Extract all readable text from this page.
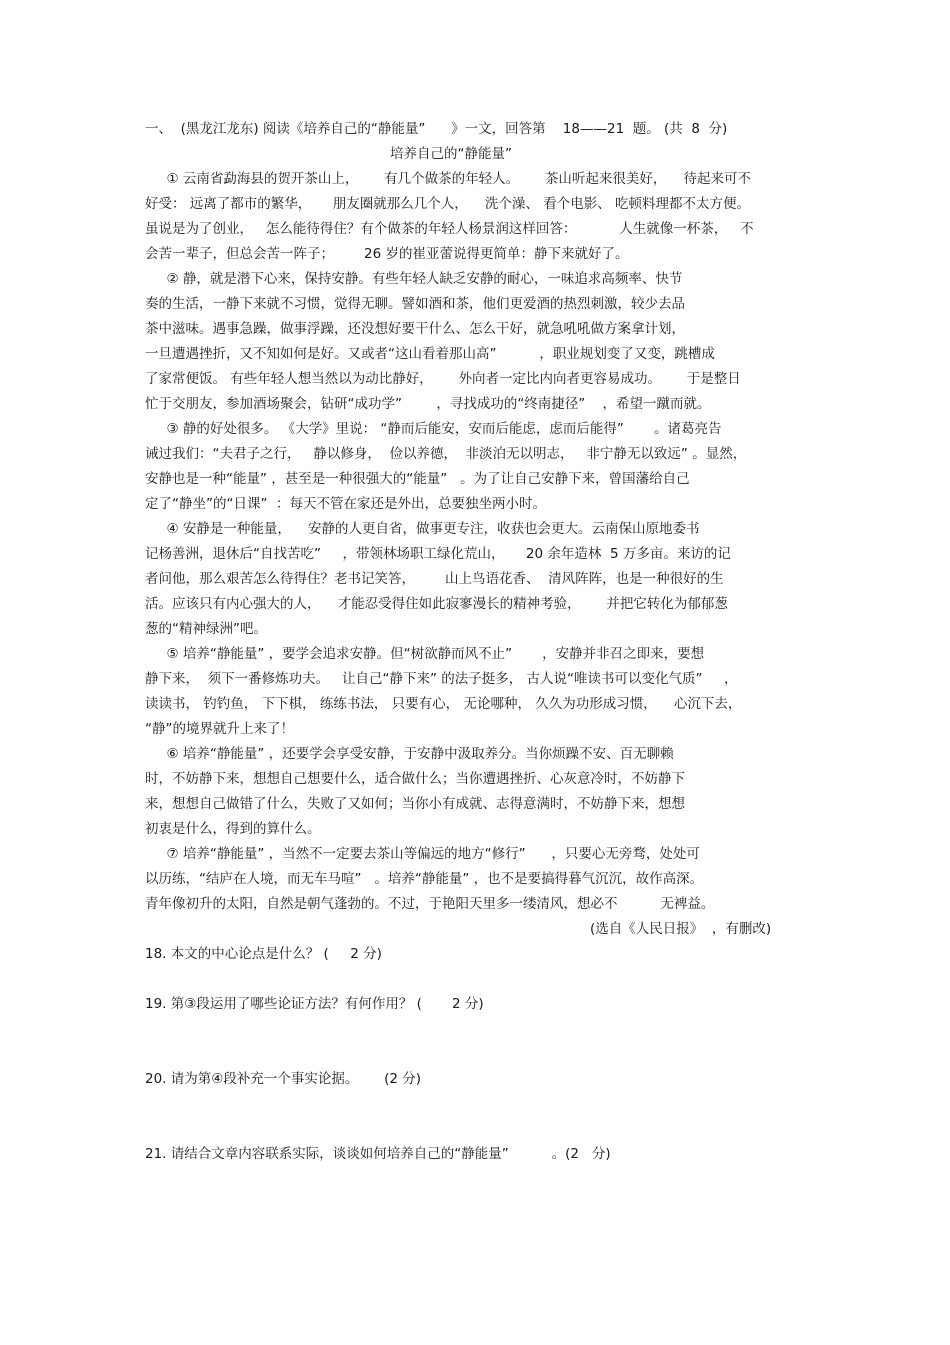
一、  (黑龙江龙东) 阅读《培养自己的“静能量”      》一文，回答第    18——21  题。 (共  8  分)
培养自己的“静能量”
① 云南省勐海县的贺开茶山上，      有几个做茶的年轻人。      茶山听起来很美好，    待起来可不
好受： 远离了都市的繁华，     朋友圈就那么几个人，    洗个澡、 看个电影、 吃顿料理都不太方便。
虽说是为了创业，   怎么能待得住？有个做茶的年轻人杨景润这样回答：          人生就像一杯茶，   不
会苦一辈子，但总会苦一阵子；       26 岁的崔亚蕾说得更简单：静下来就好了。
② 静，就是潜下心来，保持安静。有些年轻人缺乏安静的耐心，一味追求高频率、快节
奏的生活，一静下来就不习惯，觉得无聊。譬如酒和茶，他们更爱酒的热烈刺激，较少去品
茶中滋味。遇事急躁，做事浮躁，还没想好要干什么、怎么干好，就急吼吼做方案拿计划，
一旦遭遇挫折，又不知如何是好。又或者“这山看着那山高”          ，职业规划变了又变，跳槽成
了家常便饭。 有些年轻人想当然以为动比静好，      外向者一定比内向者更容易成功。      于是整日
忙于交朋友，参加酒场聚会，钻研“成功学”        ，寻找成功的“终南捷径”    ，希望一蹴而就。
③ 静的好处很多。 《大学》里说： “静而后能安，安而后能虑，虑而后能得”       。诸葛亮告
诫过我们：“夫君子之行，   静以修身，  俭以养德，  非淡泊无以明志，   非宁静无以致远” 。显然，
安静也是一种“能量” ，甚至是一种很强大的“能量”   。为了让自己安静下来，曾国藩给自己
定了“静坐”的“日课”  ：每天不管在家还是外出，总要独坐两小时。
④ 安静是一种能量，    安静的人更自省，做事更专注，收获也会更大。云南保山原地委书
记杨善洲，退休后“自找苦吃”     ，带领林场职工绿化荒山，     20 余年造林  5 万多亩。来访的记
者问他，那么艰苦怎么待得住？老书记笑答，       山上鸟语花香、  清风阵阵，也是一种很好的生
活。应该只有内心强大的人，    才能忍受得住如此寂寥漫长的精神考验，      并把它转化为郁郁葱
葱的“精神绿洲”吧。
⑤ 培养“静能量” ，要学会追求安静。但“树欲静而风不止”       ，安静并非召之即来，要想
静下来，  须下一番修炼功夫。   让自己“静下来” 的法子挺多， 古人说“唯读书可以变化气质”     ，
读读书， 钓钓鱼， 下下棋， 练练书法， 只要有心， 无论哪种， 久久为功形成习惯，    心沉下去，
“静”的境界就升上来了！
⑥ 培养“静能量” ，还要学会享受安静，于安静中汲取养分。当你烦躁不安、百无聊赖
时，不妨静下来，想想自己想要什么，适合做什么；当你遭遇挫折、心灰意冷时，不妨静下
来，想想自己做错了什么，失败了又如何；当你小有成就、志得意满时，不妨静下来，想想
初衷是什么，得到的算什么。
⑦ 培养“静能量” ，当然不一定要去茶山等偏远的地方“修行”      ，只要心无旁骛，处处可
以历练，“结庐在人境，而无车马喧”   。培养“静能量” ，也不是要搞得暮气沉沉，故作高深。
青年像初升的太阳，自然是朝气蓬勃的。不过，于艳阳天里多一缕清风，想必不          无裨益。
(选自《人民日报》  ，有删改)
18. 本文的中心论点是什么？ (     2 分)
19. 第③段运用了哪些论证方法？有何作用？ (       2 分)
20. 请为第④段补充一个事实论据。      (2 分)
21. 请结合文章内容联系实际，谈谈如何培养自己的“静能量”          。(2   分)
